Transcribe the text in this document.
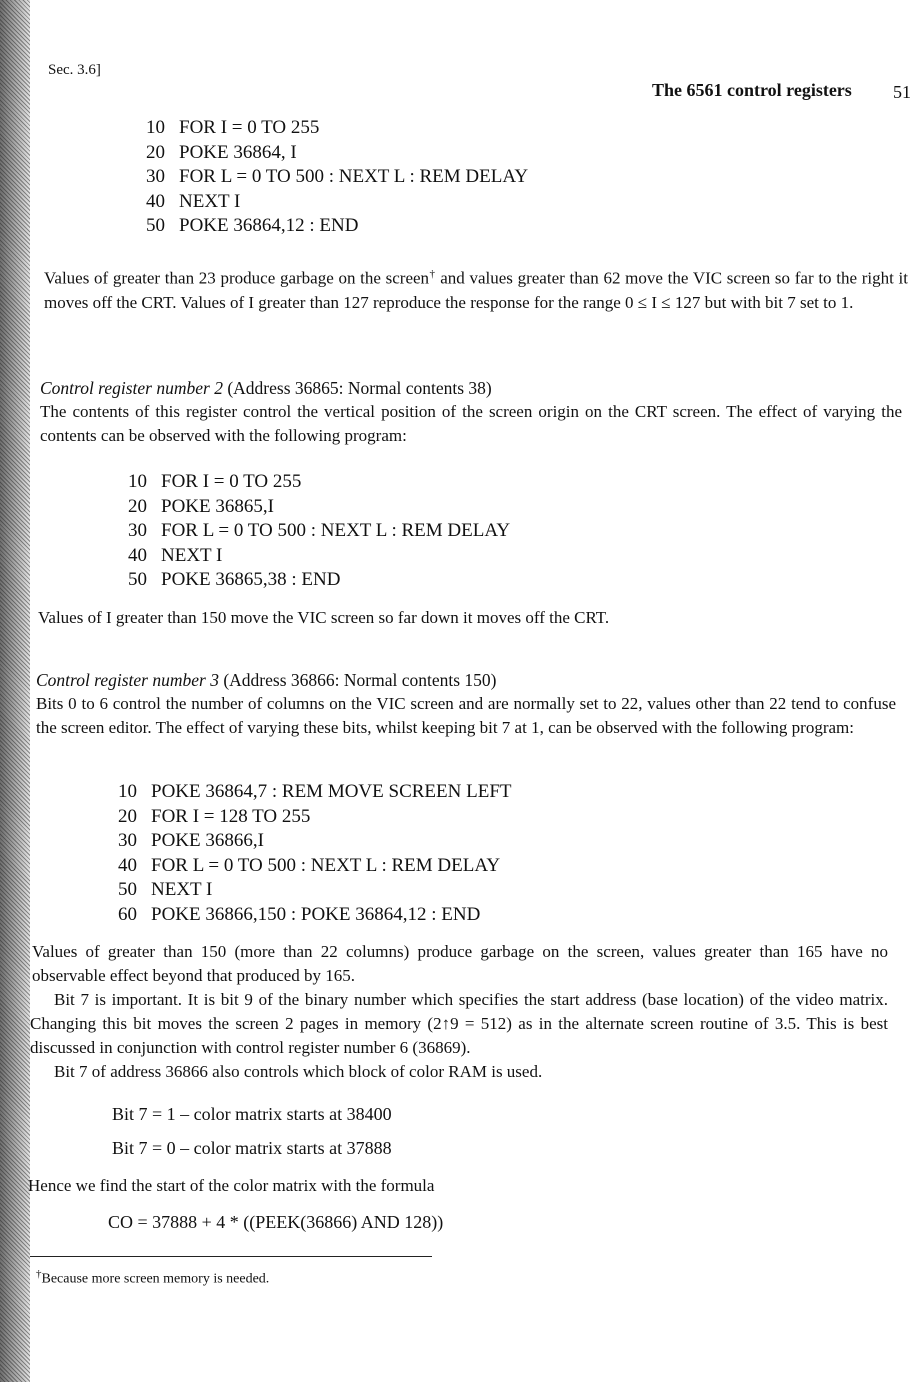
Sec. 3.6]
The 6561 control registers 51
10 FOR I = 0 TO 255
20 POKE 36864, I
30 FOR L = 0 TO 500 : NEXT L : REM DELAY
40 NEXT I
50 POKE 36864,12 : END
Values of greater than 23 produce garbage on the screen† and values greater than 62 move the VIC screen so far to the right it moves off the CRT. Values of I greater than 127 reproduce the response for the range 0 ≤ I ≤ 127 but with bit 7 set to 1.
Control register number 2 (Address 36865: Normal contents 38)
The contents of this register control the vertical position of the screen origin on the CRT screen. The effect of varying the contents can be observed with the following program:
10 FOR I = 0 TO 255
20 POKE 36865,I
30 FOR L = 0 TO 500 : NEXT L : REM DELAY
40 NEXT I
50 POKE 36865,38 : END
Values of I greater than 150 move the VIC screen so far down it moves off the CRT.
Control register number 3 (Address 36866: Normal contents 150)
Bits 0 to 6 control the number of columns on the VIC screen and are normally set to 22, values other than 22 tend to confuse the screen editor. The effect of varying these bits, whilst keeping bit 7 at 1, can be observed with the following program:
10 POKE 36864,7 : REM MOVE SCREEN LEFT
20 FOR I = 128 TO 255
30 POKE 36866,I
40 FOR L = 0 TO 500 : NEXT L : REM DELAY
50 NEXT I
60 POKE 36866,150 : POKE 36864,12 : END
Values of greater than 150 (more than 22 columns) produce garbage on the screen, values greater than 165 have no observable effect beyond that produced by 165.
Bit 7 is important. It is bit 9 of the binary number which specifies the start address (base location) of the video matrix. Changing this bit moves the screen 2 pages in memory (2↑9 = 512) as in the alternate screen routine of 3.5. This is best discussed in conjunction with control register number 6 (36869).
Bit 7 of address 36866 also controls which block of color RAM is used.
Bit 7 = 1 – color matrix starts at 38400
Bit 7 = 0 – color matrix starts at 37888
Hence we find the start of the color matrix with the formula
CO = 37888 + 4 * ((PEEK(36866) AND 128))
†Because more screen memory is needed.
